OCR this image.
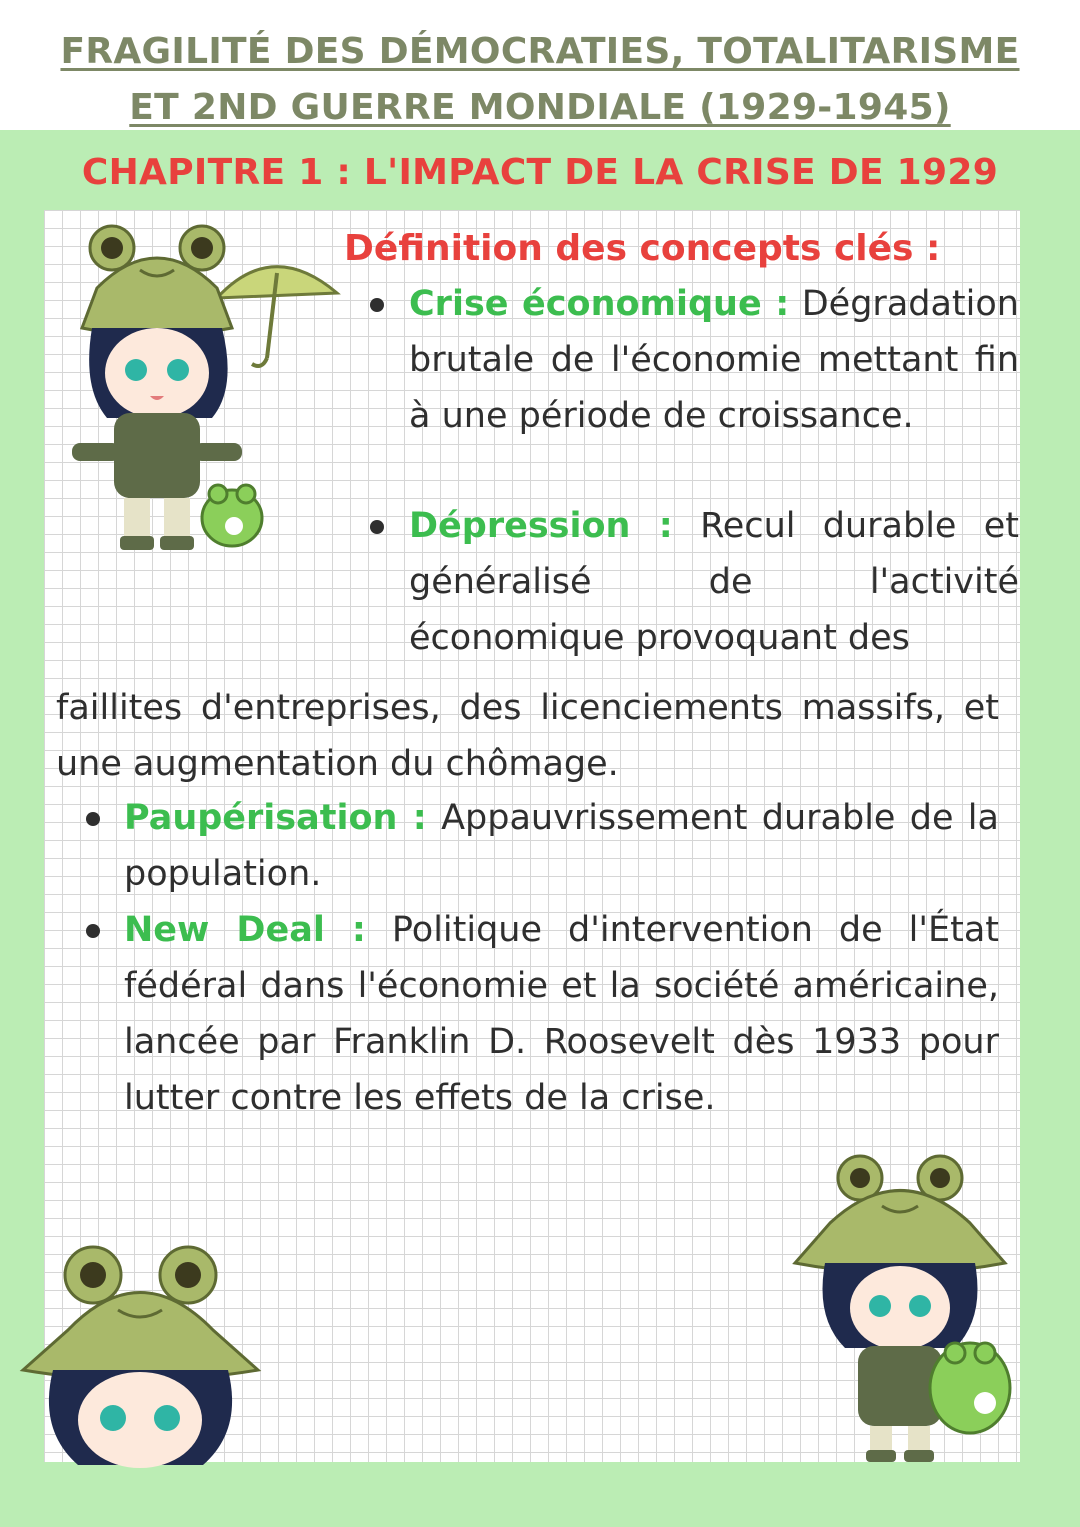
FRAGILITÉ DES DÉMOCRATIES, TOTALITARISME
ET 2ND GUERRE MONDIALE (1929-1945)
CHAPITRE 1 : L'IMPACT DE LA CRISE DE 1929
Définition des concepts clés :
Crise économique : Dégradation brutale de l'économie mettant fin à une période de croissance.
Dépression : Recul durable et généralisé de l'activité économique provoquant des
faillites d'entreprises, des licenciements massifs, et une augmentation du chômage.
Paupérisation : Appauvrissement durable de la population.
New Deal : Politique d'intervention de l'État fédéral dans l'économie et la société américaine, lancée par Franklin D. Roosevelt dès 1933 pour lutter contre les effets de la crise.
